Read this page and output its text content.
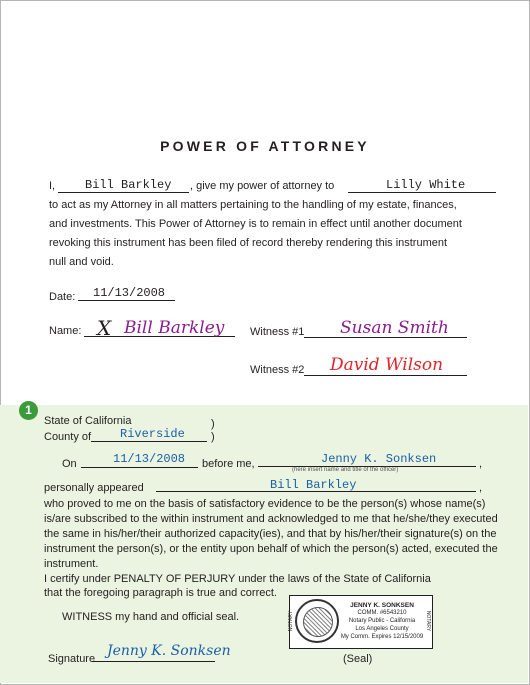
POWER OF ATTORNEY
I, Bill Barkley , give my power of attorney to	Lilly White
to act as my Attorney in all matters pertaining to the handling of my estate, finances,
and investments. This Power of Attorney is to remain in effect until another document
revoking this instrument has been filed of record thereby rendering this instrument
null and void.
Date: 11/13/2008
Name: X Bill Barkley Witness #1 Susan Smith
Witness #2 David Wilson
1
State of California	)
County of Riverside )
On	11/13/2008 before me,	Jenny K. Sonksen
(here insert name and title of the officer)	,
personally appeared	Bill Barkley	,
who proved to me on the basis of satisfactory evidence to be the person(s) whose name(s)
is/are subscribed to the within instrument and acknowledged to me that he/she/they executed
the same in his/her/their authorized capacity(ies), and that by his/her/their signature(s) on the
instrument the person(s), or the entity upon behalf of which the person(s) acted, executed the
instrument.
I certify under PENALTY OF PERJURY under the laws of the State of California
that the foregoing paragraph is true and correct.
WITNESS my hand and official seal.
Signature Jenny K. Sonksen	(Seal)
JENNY K. SONKSEN
COMM. #6543210
Notary Public - California
Los Angeles County
My Comm. Expires 12/15/2009
NOTARY	NOTARY
